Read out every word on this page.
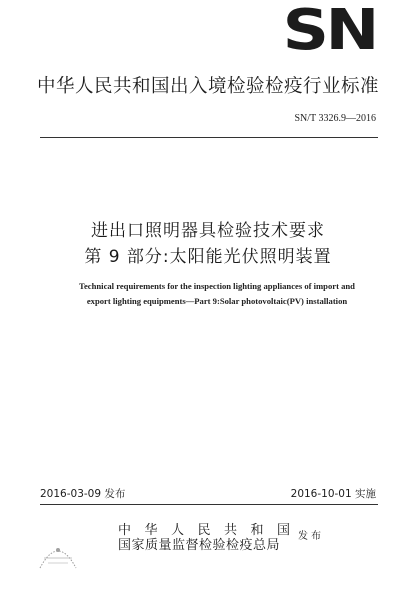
SN
中华人民共和国出入境检验检疫行业标准
SN/T 3326.9—2016
进出口照明器具检验技术要求
第 9 部分:太阳能光伏照明装置
Technical requirements for the inspection lighting appliances of import and
export lighting equipments—Part 9:Solar photovoltaic(PV) installation
2016-03-09 发布	2016-10-01 实施
中华人民共和国
国家质量监督检验检疫总局
发布
